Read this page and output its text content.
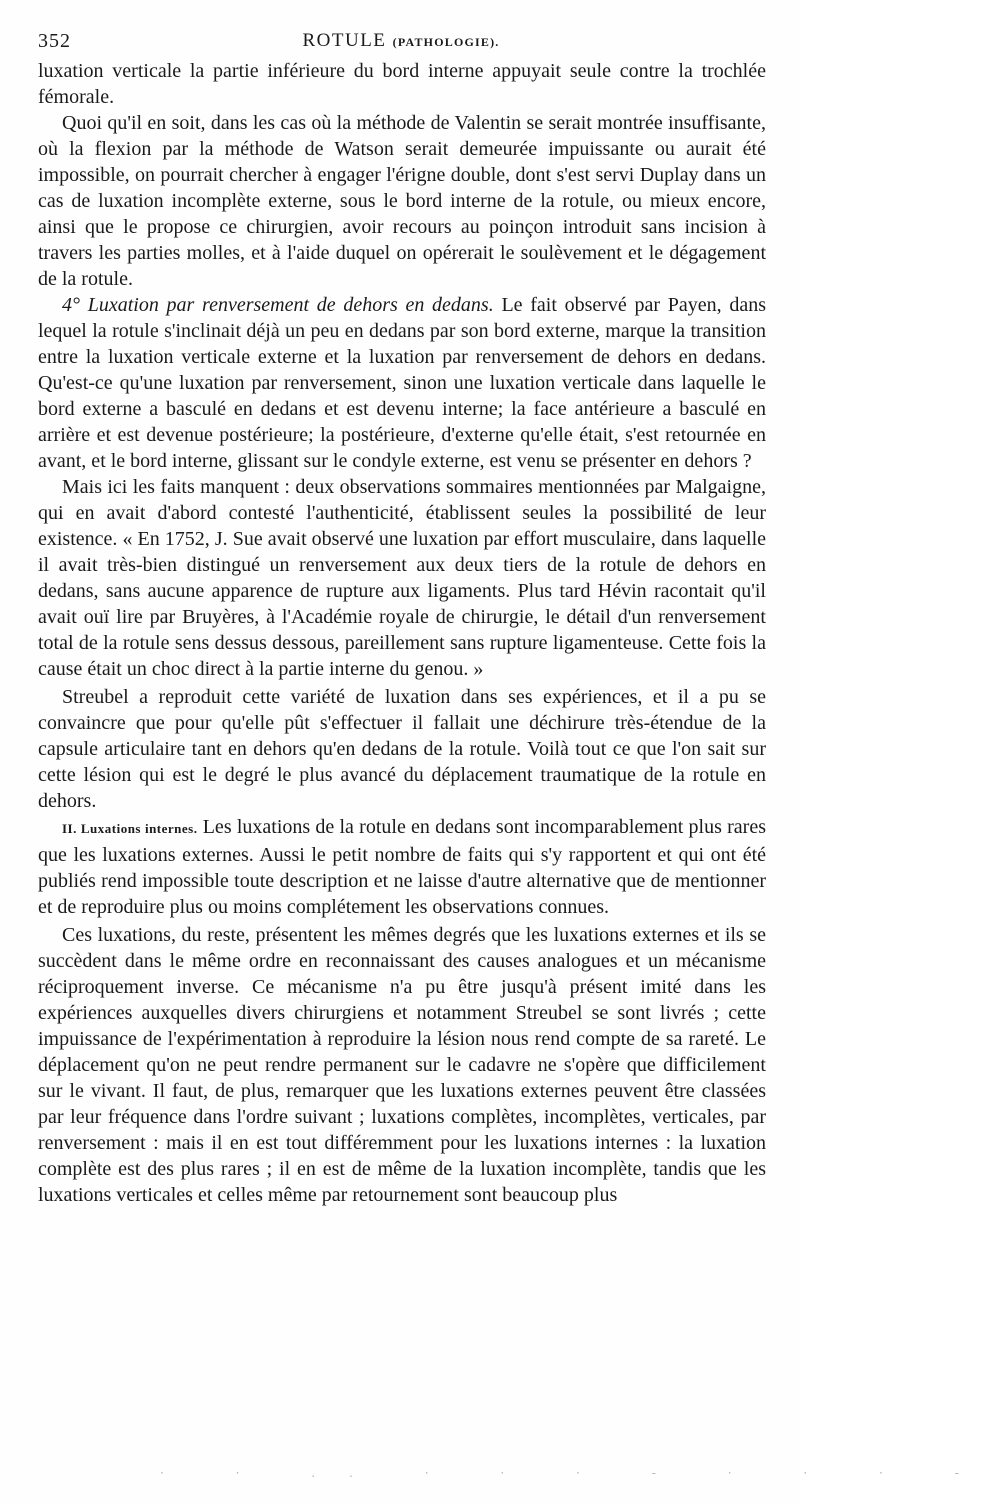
352	ROTULE (PATHOLOGIE).

luxation verticale la partie inférieure du bord interne appuyait seule contre la trochlée fémorale.

Quoi qu'il en soit, dans les cas où la méthode de Valentin se serait montrée insuffisante, où la flexion par la méthode de Watson serait demeurée impuissante ou aurait été impossible, on pourrait chercher à engager l'érigne double, dont s'est servi Duplay dans un cas de luxation incomplète externe, sous le bord interne de la rotule, ou mieux encore, ainsi que le propose ce chirurgien, avoir recours au poinçon introduit sans incision à travers les parties molles, et à l'aide duquel on opérerait le soulèvement et le dégagement de la rotule.

4° Luxation par renversement de dehors en dedans. Le fait observé par Payen, dans lequel la rotule s'inclinait déjà un peu en dedans par son bord externe, marque la transition entre la luxation verticale externe et la luxation par renversement de dehors en dedans. Qu'est-ce qu'une luxation par renversement, sinon une luxation verticale dans laquelle le bord externe a basculé en dedans et est devenu interne; la face antérieure a basculé en arrière et est devenue postérieure; la postérieure, d'externe qu'elle était, s'est retournée en avant, et le bord interne, glissant sur le condyle externe, est venu se présenter en dehors ?

Mais ici les faits manquent : deux observations sommaires mentionnées par Malgaigne, qui en avait d'abord contesté l'authenticité, établissent seules la possibilité de leur existence. « En 1752, J. Sue avait observé une luxation par effort musculaire, dans laquelle il avait très-bien distingué un renversement aux deux tiers de la rotule de dehors en dedans, sans aucune apparence de rupture aux ligaments. Plus tard Hévin racontait qu'il avait ouï lire par Bruyères, à l'Académie royale de chirurgie, le détail d'un renversement total de la rotule sens dessus dessous, pareillement sans rupture ligamenteuse. Cette fois la cause était un choc direct à la partie interne du genou. »

Streubel a reproduit cette variété de luxation dans ses expériences, et il a pu se convaincre que pour qu'elle pût s'effectuer il fallait une déchirure très-étendue de la capsule articulaire tant en dehors qu'en dedans de la rotule. Voilà tout ce que l'on sait sur cette lésion qui est le degré le plus avancé du déplacement traumatique de la rotule en dehors.

II. Luxations internes. Les luxations de la rotule en dedans sont incomparablement plus rares que les luxations externes. Aussi le petit nombre de faits qui s'y rapportent et qui ont été publiés rend impossible toute description et ne laisse d'autre alternative que de mentionner et de reproduire plus ou moins complétement les observations connues.

Ces luxations, du reste, présentent les mêmes degrés que les luxations externes et ils se succèdent dans le même ordre en reconnaissant des causes analogues et un mécanisme réciproquement inverse. Ce mécanisme n'a pu être jusqu'à présent imité dans les expériences auxquelles divers chirurgiens et notamment Streubel se sont livrés ; cette impuissance de l'expérimentation à reproduire la lésion nous rend compte de sa rareté. Le déplacement qu'on ne peut rendre permanent sur le cadavre ne s'opère que difficilement sur le vivant. Il faut, de plus, remarquer que les luxations externes peuvent être classées par leur fréquence dans l'ordre suivant ; luxations complètes, incomplètes, verticales, par renversement : mais il en est tout différemment pour les luxations internes : la luxation complète est des plus rares ; il en est de même de la luxation incomplète, tandis que les luxations verticales et celles même par retournement sont beaucoup plus

· · .. · · · - · · · -
